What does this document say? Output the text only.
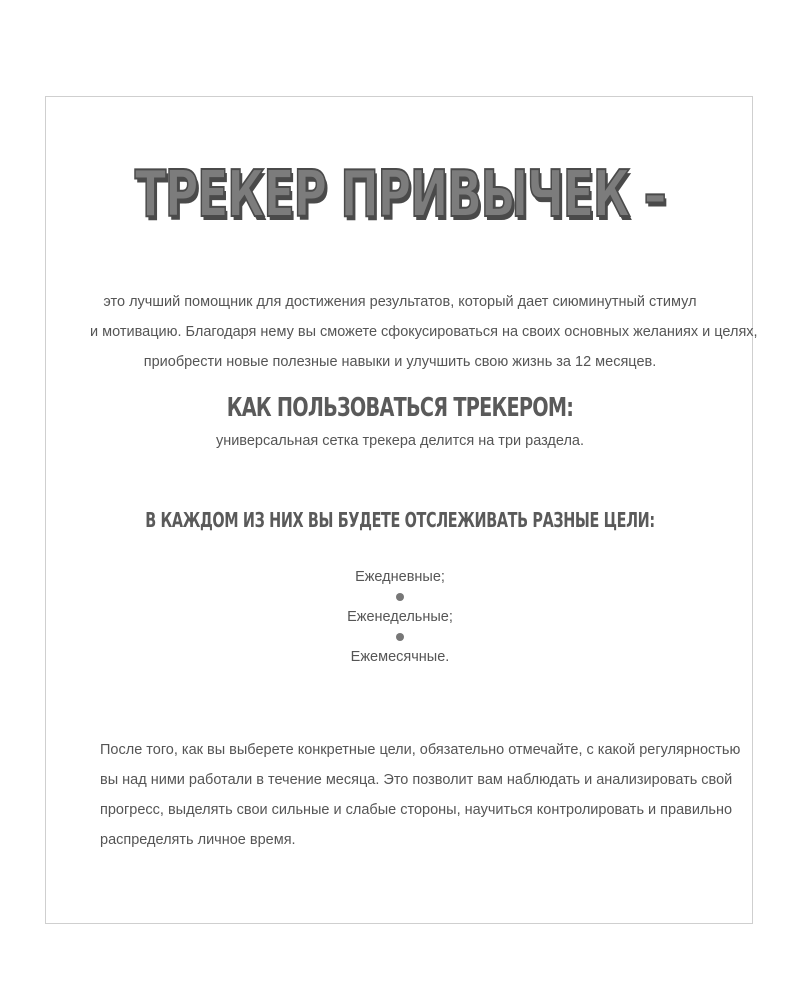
ТРЕКЕР ПРИВЫЧЕК –

это лучший помощник для достижения результатов, который дает сиюминутный стимул
и мотивацию. Благодаря нему вы сможете сфокусироваться на своих основных желаниях и целях,
приобрести новые полезные навыки и улучшить свою жизнь за 12 месяцев.

КАК ПОЛЬЗОВАТЬСЯ ТРЕКЕРОМ:

универсальная сетка трекера делится на три раздела.

В КАЖДОМ ИЗ НИХ ВЫ БУДЕТЕ ОТСЛЕЖИВАТЬ РАЗНЫЕ ЦЕЛИ:
Ежедневные;
Еженедельные;
Ежемесячные.

После того, как вы выберете конкретные цели, обязательно отмечайте, с какой регулярностью
вы над ними работали в течение месяца. Это позволит вам наблюдать и анализировать свой
прогресс, выделять свои сильные и слабые стороны, научиться контролировать и правильно
распределять личное время.
